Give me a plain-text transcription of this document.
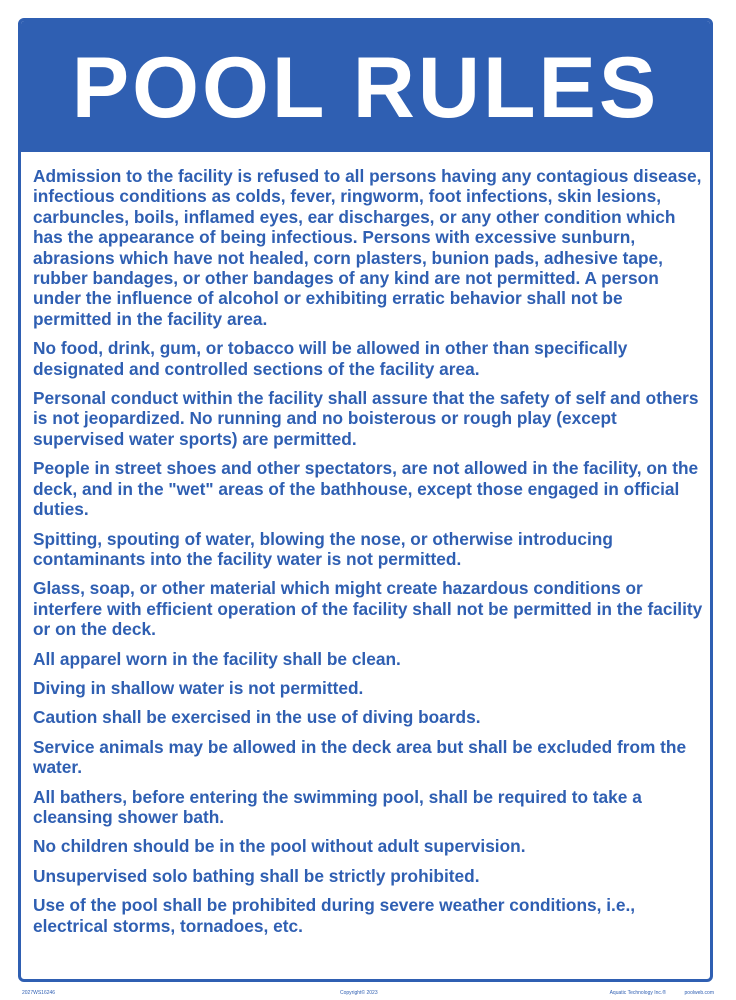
POOL RULES
Admission to the facility is refused to all persons having any contagious disease, infectious conditions as colds, fever, ringworm, foot infections, skin lesions, carbuncles, boils, inflamed eyes, ear discharges, or any other condition which has the appearance of being infectious. Persons with excessive sunburn, abrasions which have not healed, corn plasters, bunion pads, adhesive tape, rubber bandages, or other bandages of any kind are not permitted. A person under the influence of alcohol or exhibiting erratic behavior shall not be permitted in the facility area.
No food, drink, gum, or tobacco will be allowed in other than specifically designated and controlled sections of the facility area.
Personal conduct within the facility shall assure that the safety of self and others is not jeopardized. No running and no boisterous or rough play (except supervised water sports) are permitted.
People in street shoes and other spectators, are not allowed in the facility, on the deck, and in the "wet" areas of the bathhouse, except those engaged in official duties.
Spitting, spouting of water, blowing the nose, or otherwise introducing contaminants into the facility water is not permitted.
Glass, soap, or other material which might create hazardous conditions or interfere with efficient operation of the facility shall not be permitted in the facility or on the deck.
All apparel worn in the facility shall be clean.
Diving in shallow water is not permitted.
Caution shall be exercised in the use of diving boards.
Service animals may be allowed in the deck area but shall be excluded from the water.
All bathers, before entering the swimming pool, shall be required to take a cleansing shower bath.
No children should be in the pool without adult supervision.
Unsupervised solo bathing shall be strictly prohibited.
Use of the pool shall be prohibited during severe weather conditions, i.e., electrical storms, tornadoes, etc.
2027WS16246	Copyright© 2023	Aquatic Technology Inc.®	poolweb.com
